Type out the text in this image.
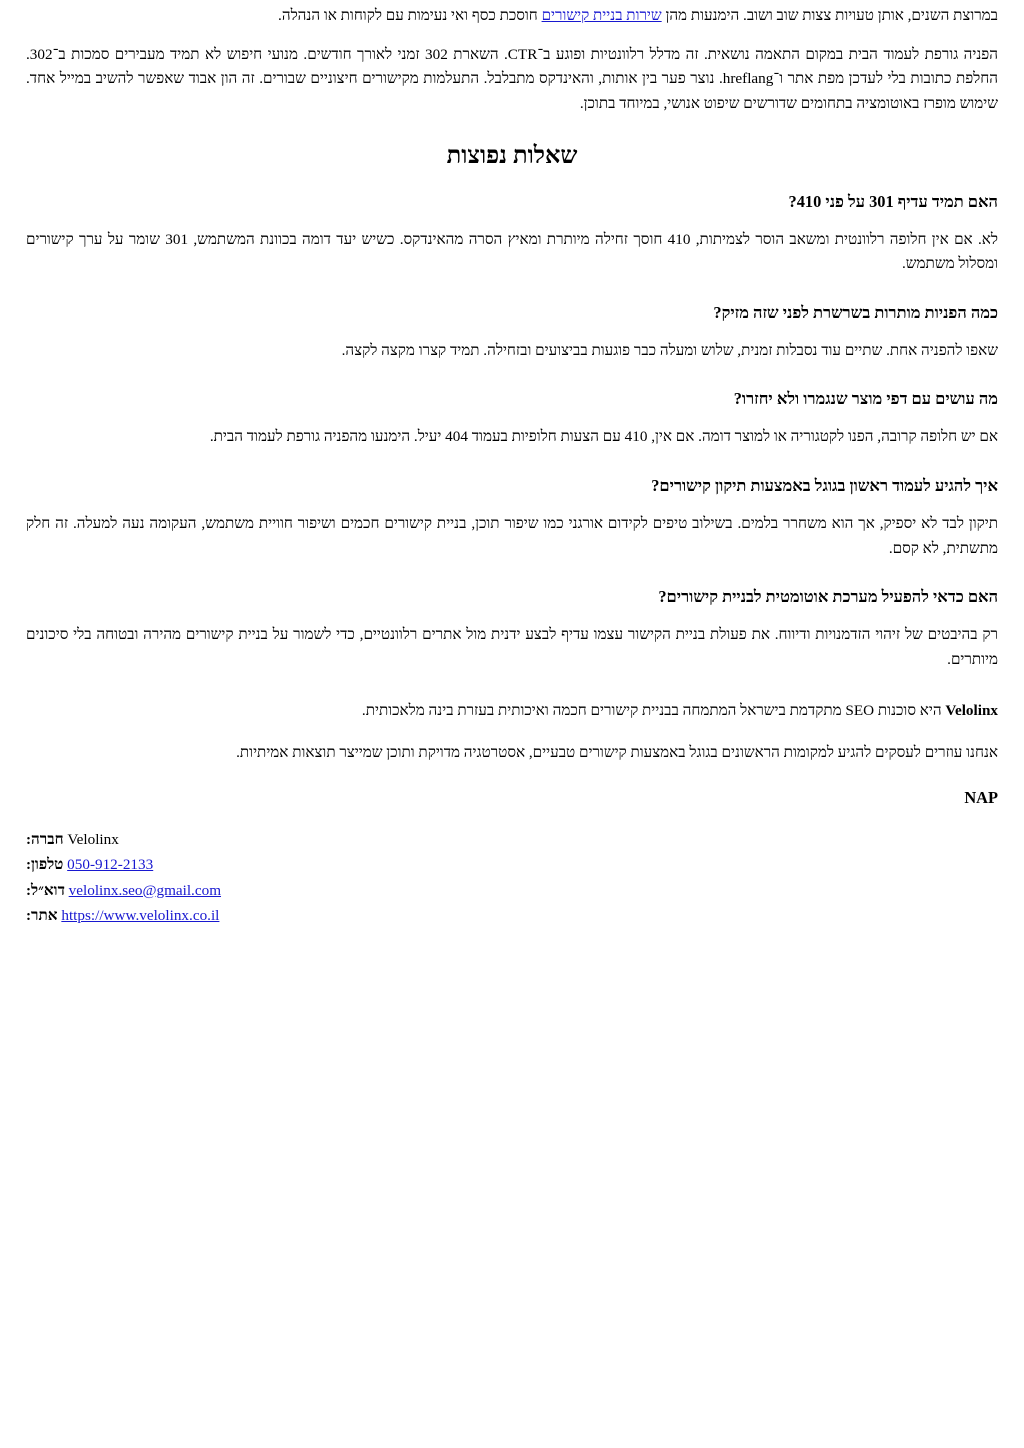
במרוצת השנים, אותן טעויות צצות שוב ושוב. הימנעות מהן שירות בניית קישורים חוסכת כסף ואי נעימות עם לקוחות או הנהלה.

הפניה גורפת לעמוד הבית במקום התאמה נושאית. זה מדלל רלוונטיות ופוגע ב־CTR. השארת 302 זמני לאורך חודשים. מנועי חיפוש לא תמיד מעבירים סמכות ב־302. החלפת כתובות בלי לעדכן מפת אתר ו־hreflang. נוצר פער בין אותות, והאינדקס מתבלבל. התעלמות מקישורים חיצוניים שבורים. זה הון אבוד שאפשר להשיב במייל אחד. שימוש מופרז באוטומציה בתחומים שדורשים שיפוט אנושי, במיוחד בתוכן.

שאלות נפוצות
האם תמיד עדיף 301 על פני 410?

לא. אם אין חלופה רלוונטית ומשאב הוסר לצמיתות, 410 חוסך זחילה מיותרת ומאיץ הסרה מהאינדקס. כשיש יעד דומה בכוונת המשתמש, 301 שומר על ערך קישורים ומסלול משתמש.

כמה הפניות מותרות בשרשרת לפני שזה מזיק?

שאפו להפניה אחת. שתיים עוד נסבלות זמנית, שלוש ומעלה כבר פוגעות בביצועים ובזחילה. תמיד קצרו מקצה לקצה.

מה עושים עם דפי מוצר שנגמרו ולא יחזרו?

אם יש חלופה קרובה, הפנו לקטגוריה או למוצר דומה. אם אין, 410 עם הצעות חלופיות בעמוד 404 יעיל. הימנעו מהפניה גורפת לעמוד הבית.

איך להגיע לעמוד ראשון בגוגל באמצעות תיקון קישורים?

תיקון לבד לא יספיק, אך הוא משחרר בלמים. בשילוב טיפים לקידום אורגני כמו שיפור תוכן, בניית קישורים חכמים ושיפור חוויית משתמש, העקומה נעה למעלה. זה חלק מתשתית, לא קסם.

האם כדאי להפעיל מערכת אוטומטית לבניית קישורים?

רק בהיבטים של זיהוי הזדמנויות ודיווח. את פעולת בניית הקישור עצמו עדיף לבצע ידנית מול אתרים רלוונטיים, כדי לשמור על בניית קישורים מהירה ובטוחה בלי סיכונים מיותרים.

Velolinx היא סוכנות SEO מתקדמת בישראל המתמחה בבניית קישורים חכמה ואיכותית בעזרת בינה מלאכותית.

אנחנו עוזרים לעסקים להגיע למקומות הראשונים בגוגל באמצעות קישורים טבעיים, אסטרטגיה מדויקת ותוכן שמייצר תוצאות אמיתיות.

NAP
Velolinx חברה:
050-912-2133 טלפון:
velolinx.seo@gmail.com דוא״ל:
https://www.velolinx.co.il אתר:
